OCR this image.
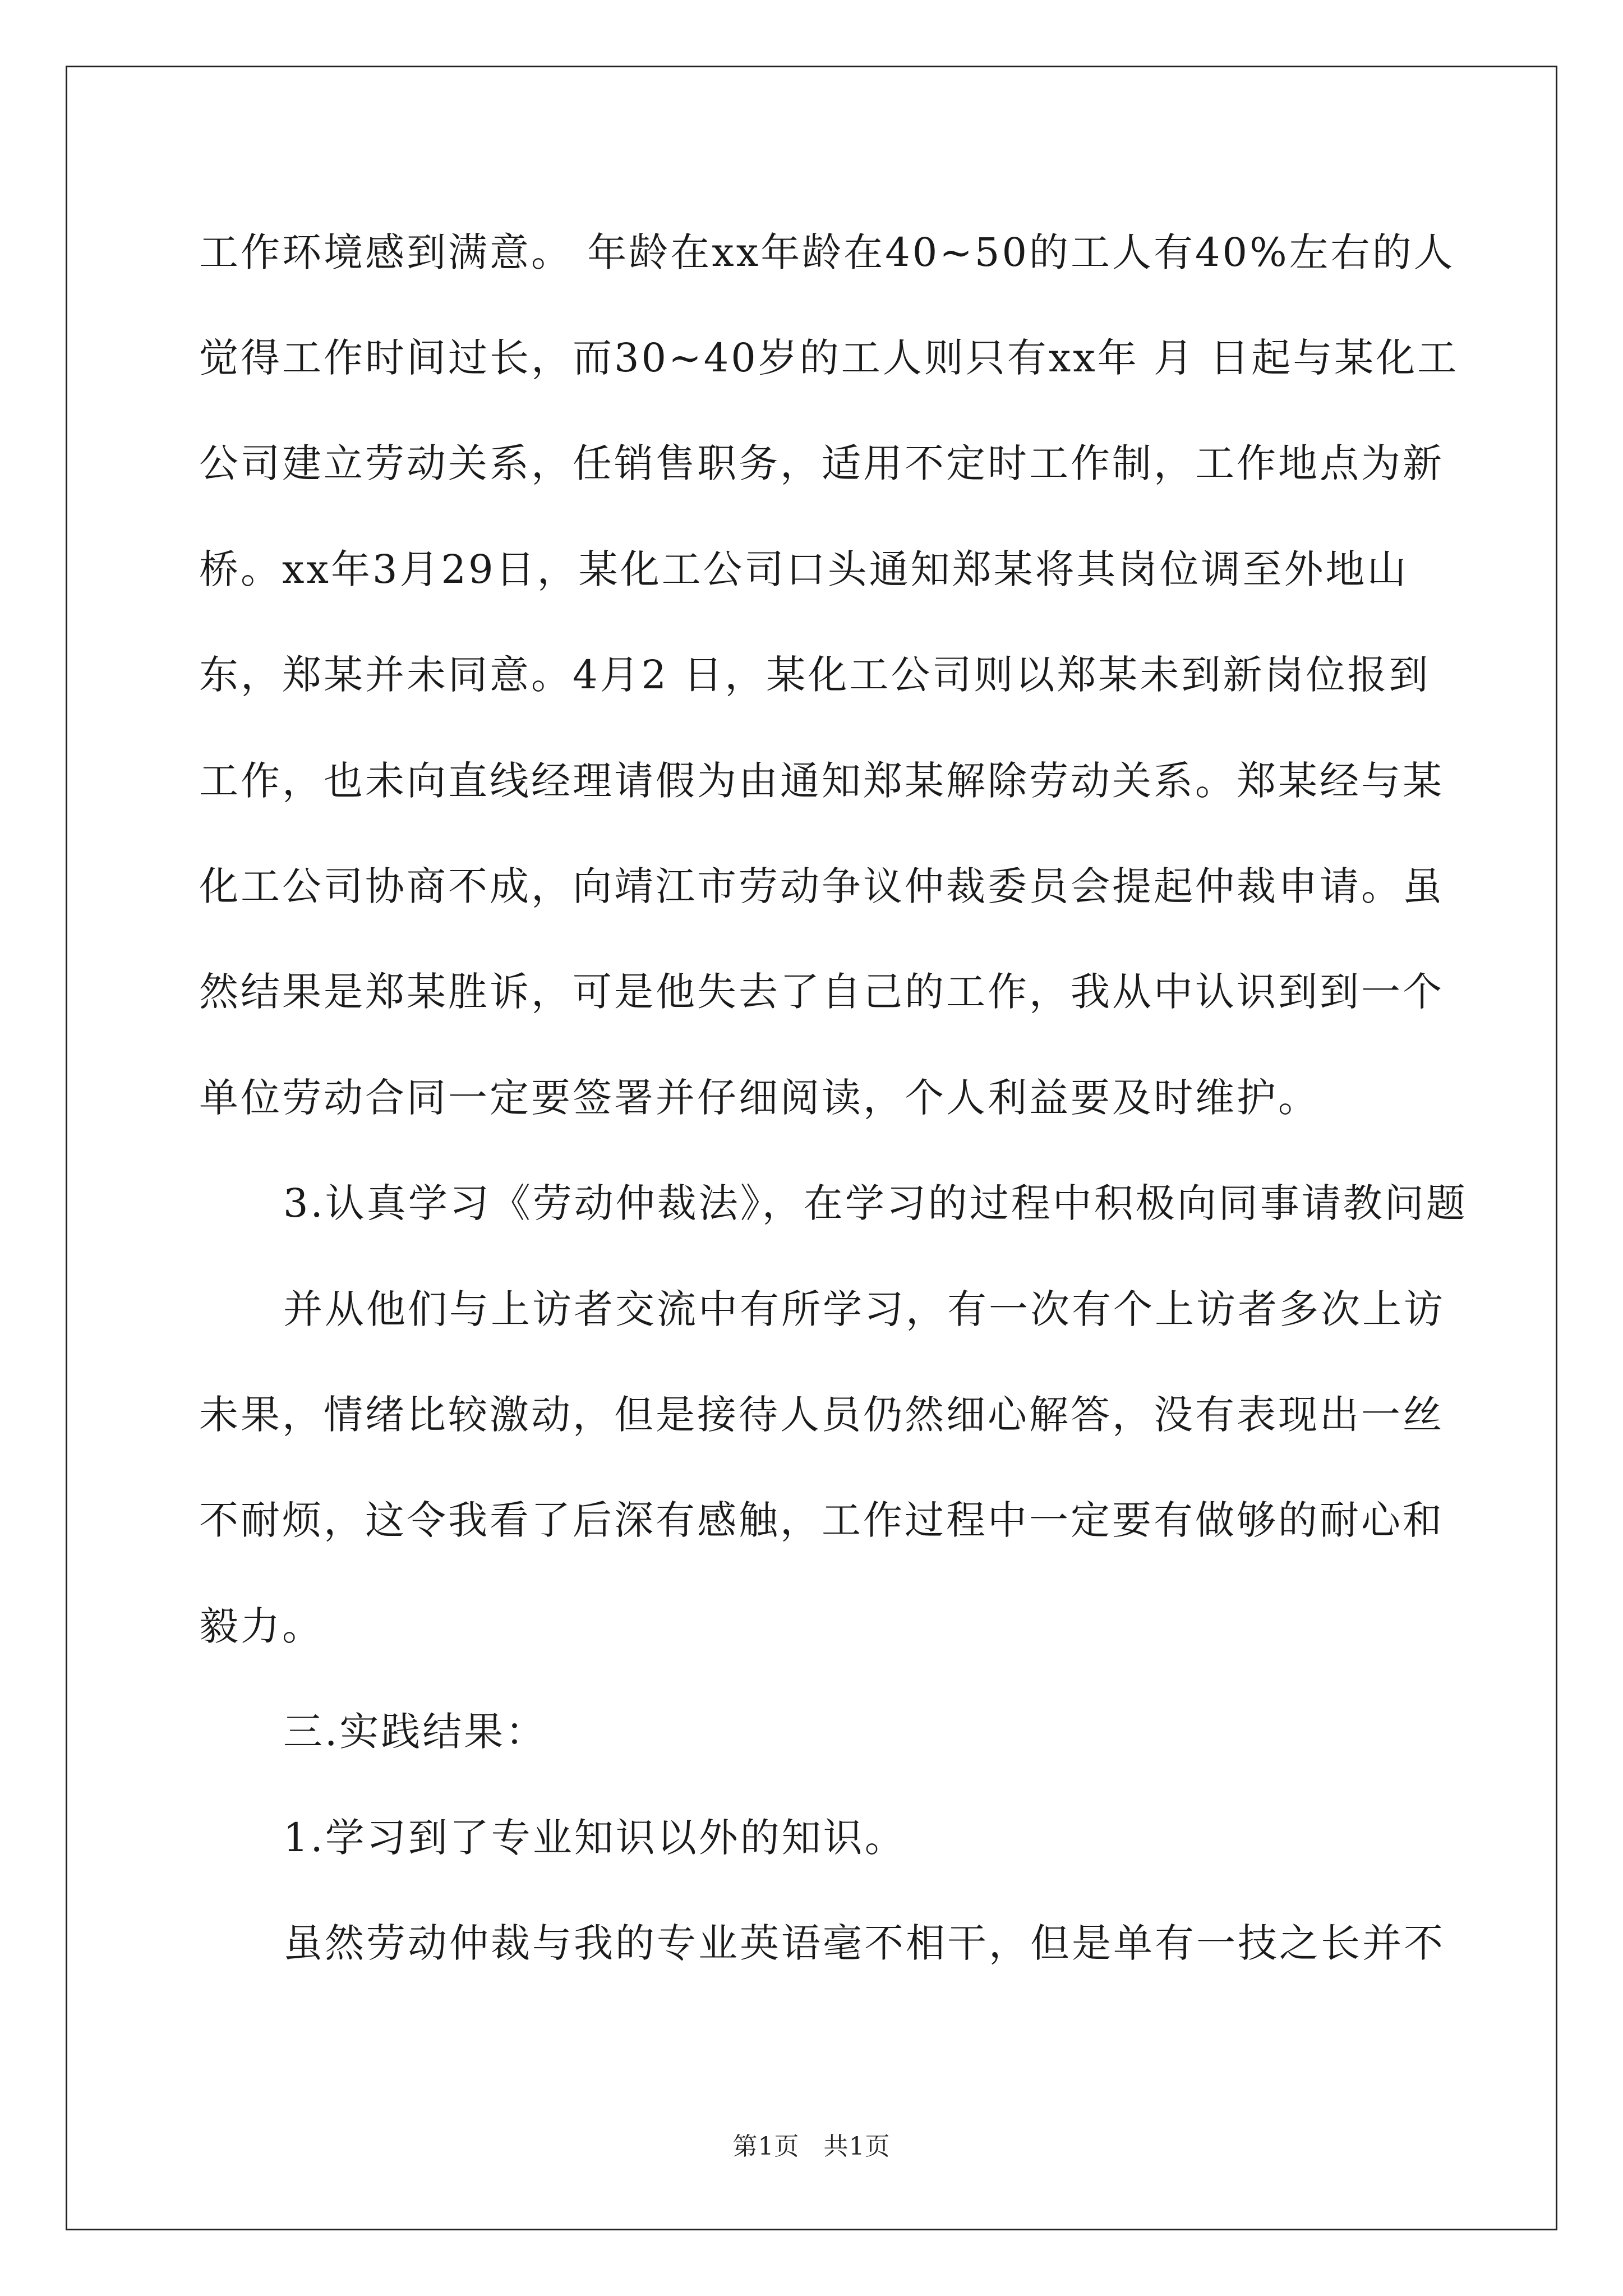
工作环境感到满意。 年龄在xx年龄在40~50的工人有40%左右的人
觉得工作时间过长，而30~40岁的工人则只有xx年 月 日起与某化工
公司建立劳动关系，任销售职务，适用不定时工作制，工作地点为新
桥。xx年3月29日，某化工公司口头通知郑某将其岗位调至外地山
东，郑某并未同意。4月2 日，某化工公司则以郑某未到新岗位报到
工作，也未向直线经理请假为由通知郑某解除劳动关系。郑某经与某
化工公司协商不成，向靖江市劳动争议仲裁委员会提起仲裁申请。虽
然结果是郑某胜诉，可是他失去了自己的工作，我从中认识到到一个
单位劳动合同一定要签署并仔细阅读，个人利益要及时维护。
3.认真学习《劳动仲裁法》，在学习的过程中积极向同事请教问题
并从他们与上访者交流中有所学习，有一次有个上访者多次上访
未果，情绪比较激动，但是接待人员仍然细心解答，没有表现出一丝
不耐烦，这令我看了后深有感触，工作过程中一定要有做够的耐心和
毅力。
三.实践结果：
1.学习到了专业知识以外的知识。
虽然劳动仲裁与我的专业英语毫不相干，但是单有一技之长并不
第1页 共1页
